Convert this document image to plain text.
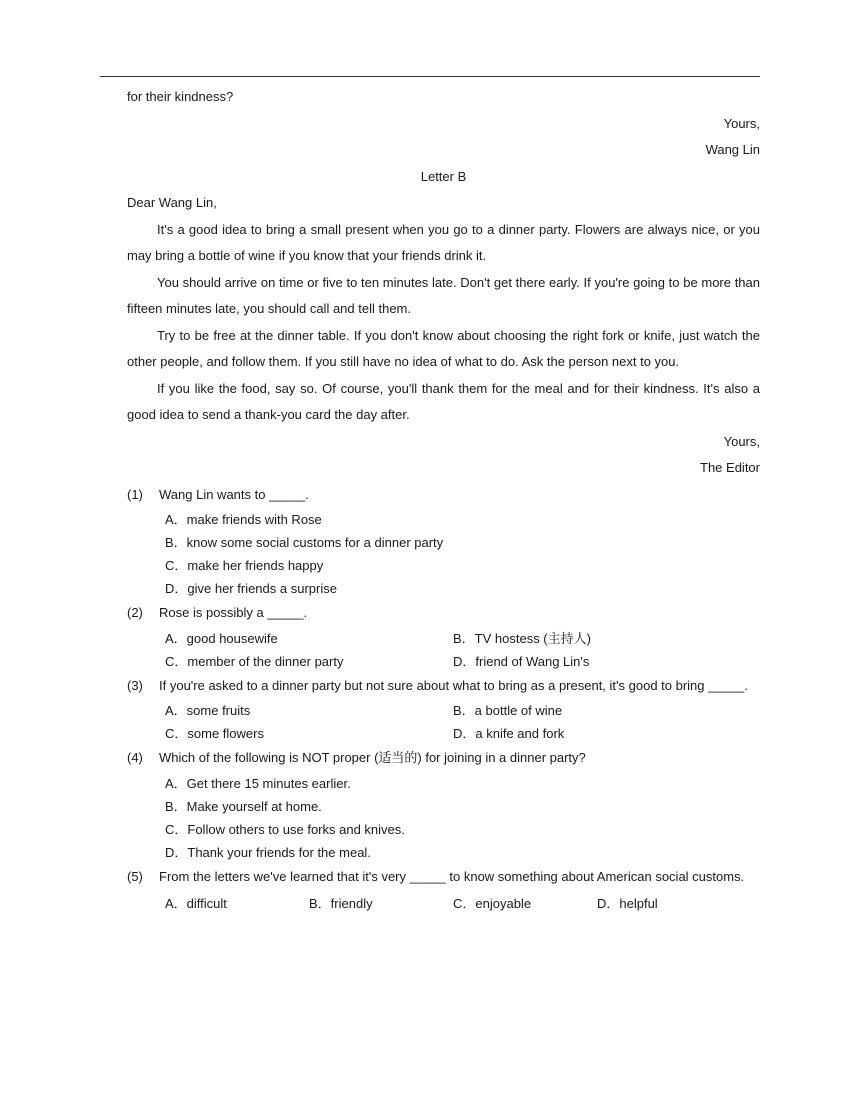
for their kindness?
Yours,
Wang Lin
Letter B
Dear Wang Lin,
It's a good idea to bring a small present when you go to a dinner party. Flowers are always nice, or you may bring a bottle of wine if you know that your friends drink it.
You should arrive on time or five to ten minutes late. Don't get there early. If you're going to be more than fifteen minutes late, you should call and tell them.
Try to be free at the dinner table. If you don't know about choosing the right fork or knife, just watch the other people, and follow them. If you still have no idea of what to do. Ask the person next to you.
If you like the food, say so. Of course, you'll thank them for the meal and for their kindness. It's also a good idea to send a thank-you card the day after.
Yours,
The Editor
(1) Wang Lin wants to _____.
A．make friends with Rose
B．know some social customs for a dinner party
C．make her friends happy
D．give her friends a surprise
(2) Rose is possibly a _____.
A．good housewife	B．TV hostess (主持人)
C．member of the dinner party	D．friend of Wang Lin's
(3) If you're asked to a dinner party but not sure about what to bring as a present, it's good to bring _____.
A．some fruits	B．a bottle of wine
C．some flowers	D．a knife and fork
(4) Which of the following is NOT proper (适当的) for joining in a dinner party?
A．Get there 15 minutes earlier.
B．Make yourself at home.
C．Follow others to use forks and knives.
D．Thank your friends for the meal.
(5) From the letters we've learned that it's very _____ to know something about American social customs.
A．difficult	B．friendly	C．enjoyable	D．helpful
